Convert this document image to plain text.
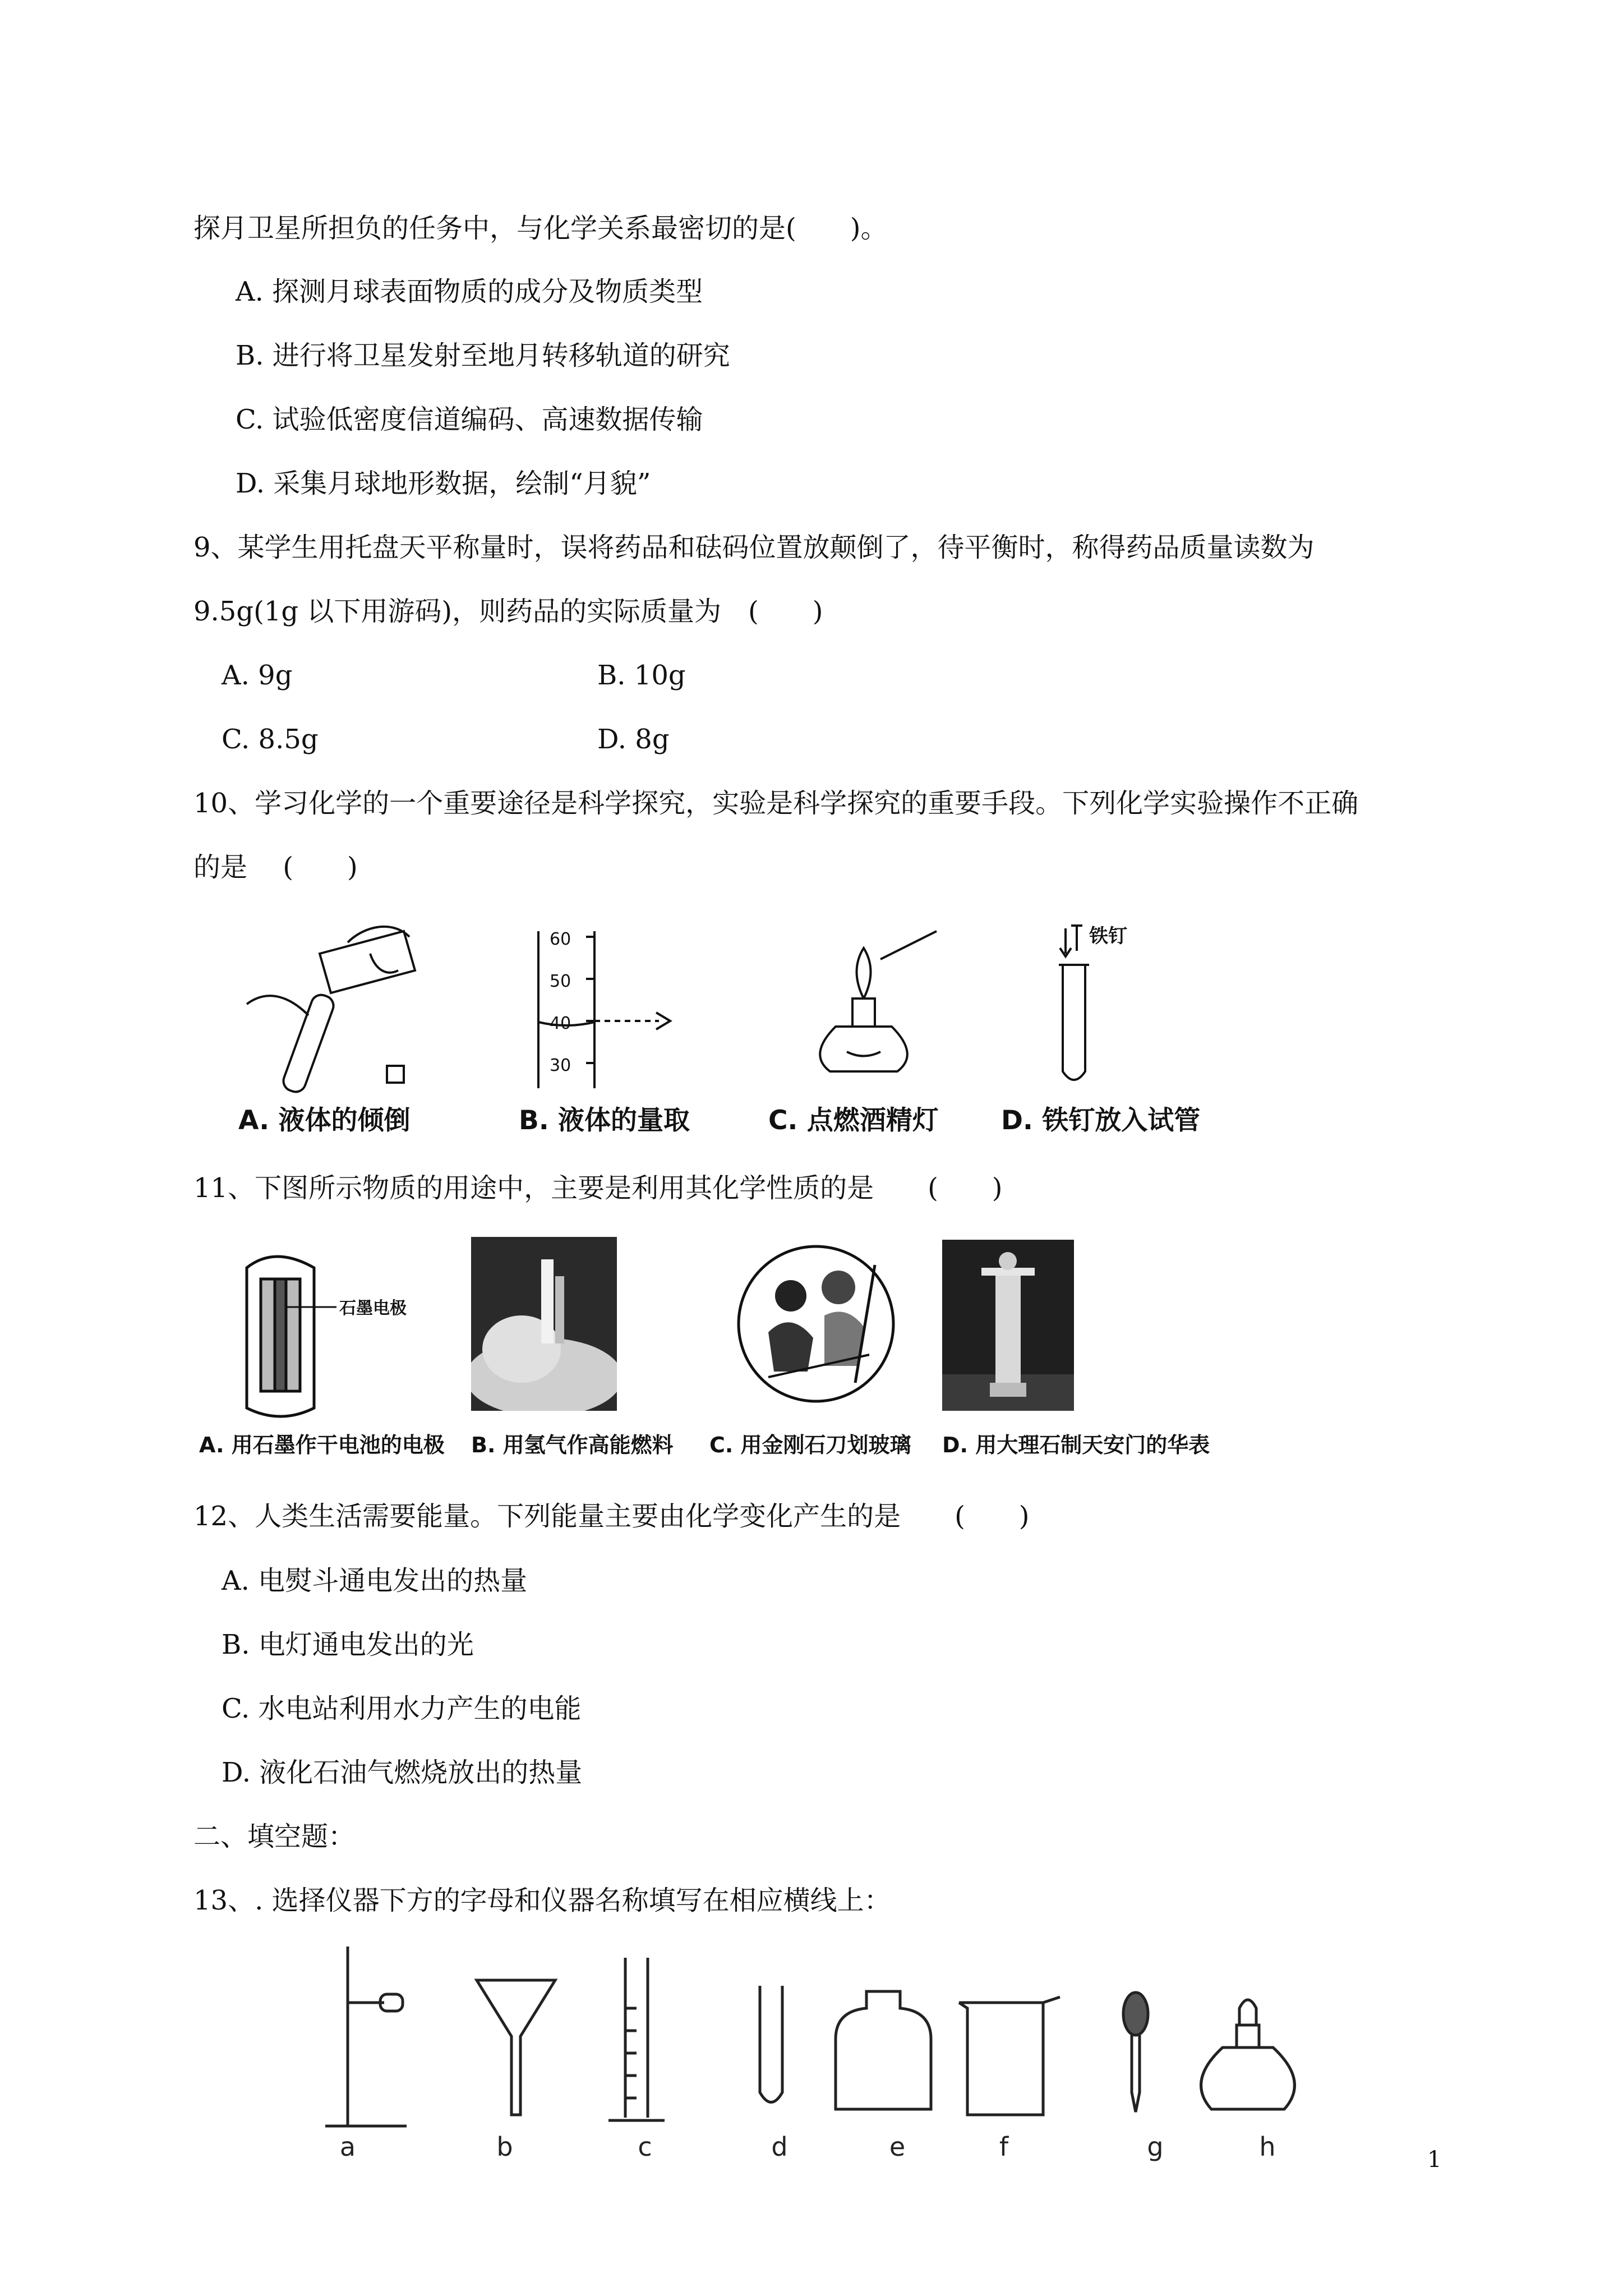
探月卫星所担负的任务中，与化学关系最密切的是(　　)。
A. 探测月球表面物质的成分及物质类型
B. 进行将卫星发射至地月转移轨道的研究
C. 试验低密度信道编码、高速数据传输
D. 采集月球地形数据，绘制“月貌”
9、某学生用托盘天平称量时，误将药品和砝码位置放颠倒了，待平衡时，称得药品质量读数为
9.5g(1g 以下用游码)，则药品的实际质量为　(　　)
A. 9g	B. 10g
C. 8.5g	D. 8g
10、学习化学的一个重要途径是科学探究，实验是科学探究的重要手段。下列化学实验操作不正确
的是　 (　　)
A. 液体的倾倒
60
50
40
30
B. 液体的量取	C. 点燃酒精灯
铁钉
D. 铁钉放入试管
11、下图所示物质的用途中，主要是利用其化学性质的是　　(　　)
石墨电极
A. 用石墨作干电池的电极 B. 用氢气作高能燃料 C. 用金刚石刀划玻璃 D. 用大理石制天安门的华表
12、人类生活需要能量。下列能量主要由化学变化产生的是　　(　　)
A. 电熨斗通电发出的热量
B. 电灯通电发出的光
C. 水电站利用水力产生的电能
D. 液化石油气燃烧放出的热量
二、填空题：
13、. 选择仪器下方的字母和仪器名称填写在相应横线上：
a	b	c	d	e	f	g	h	1
